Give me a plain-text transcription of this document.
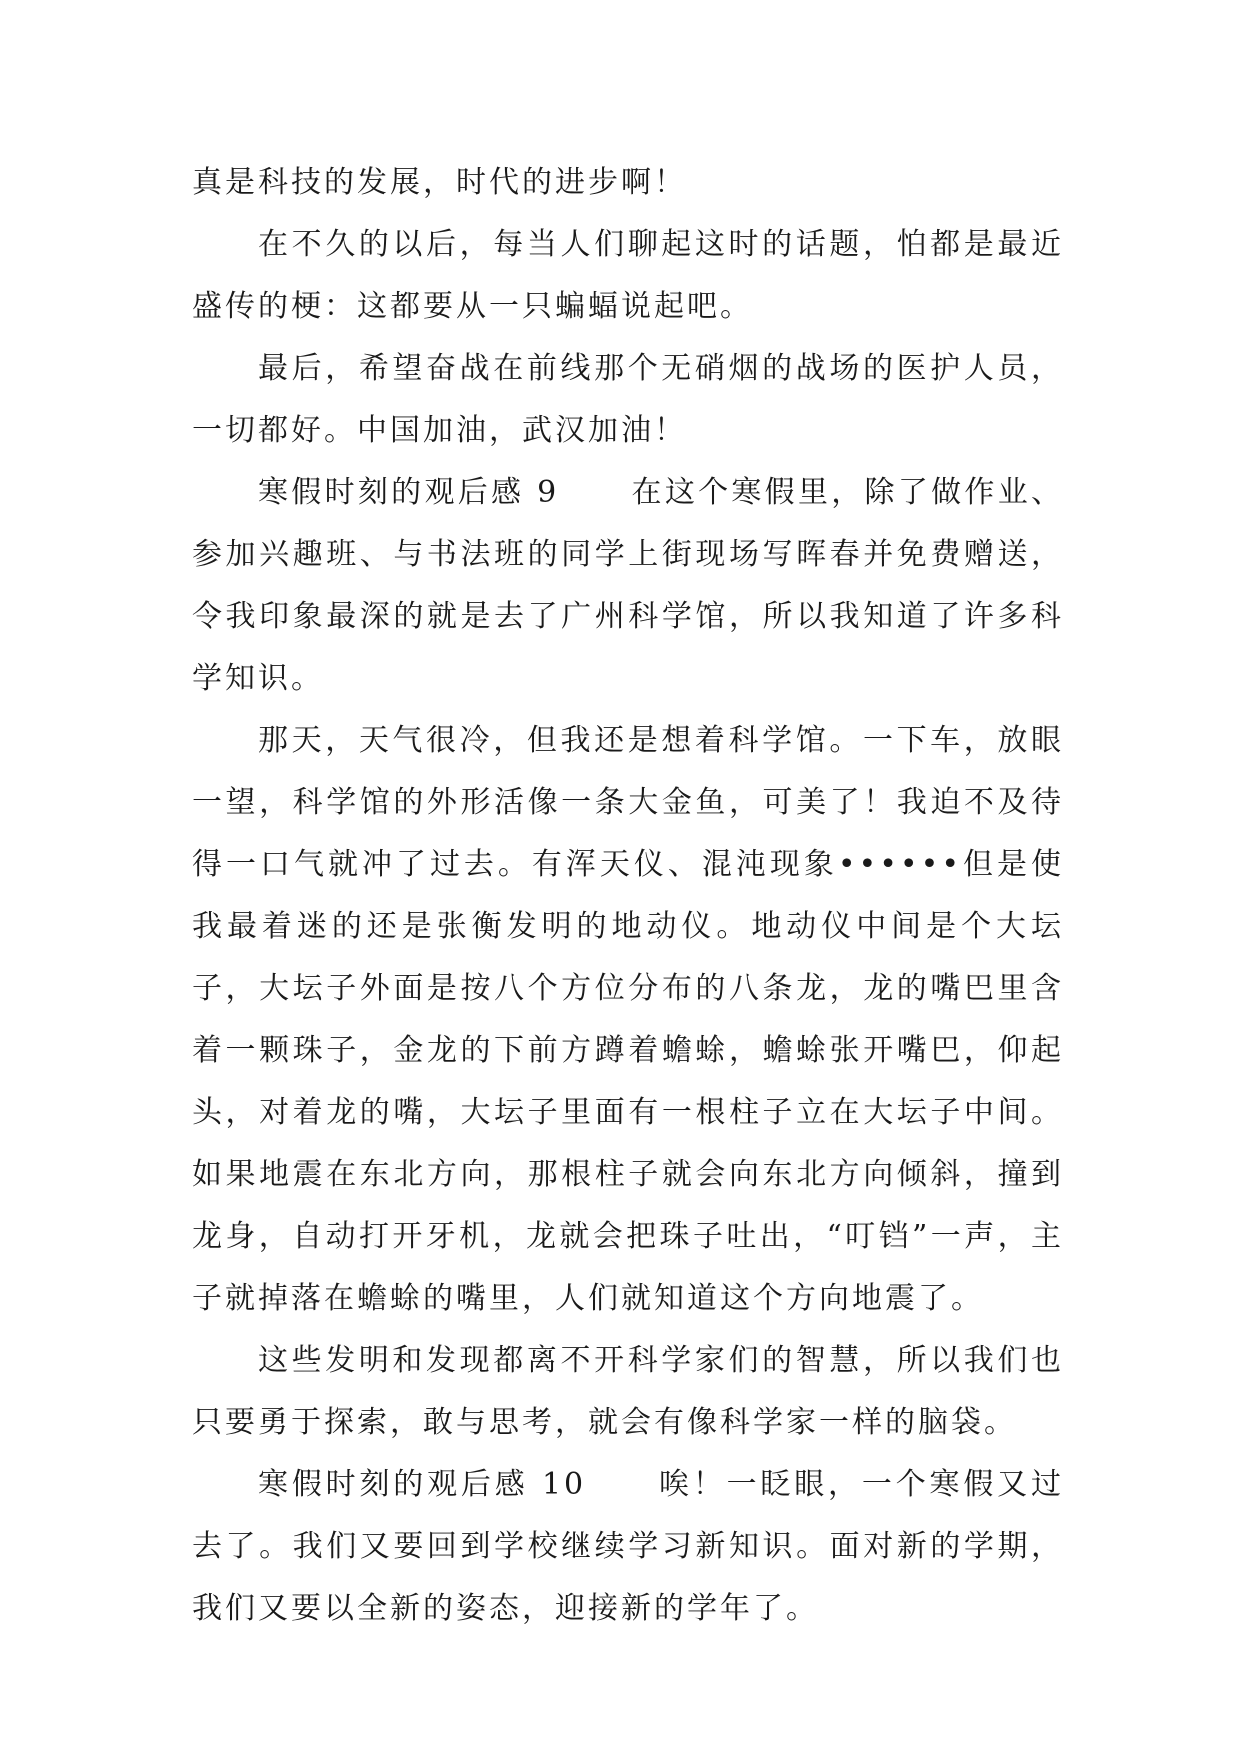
真是科技的发展，时代的进步啊！

在不久的以后，每当人们聊起这时的话题，怕都是最近盛传的梗：这都要从一只蝙蝠说起吧。

最后，希望奋战在前线那个无硝烟的战场的医护人员，一切都好。中国加油，武汉加油！

寒假时刻的观后感 9 在这个寒假里，除了做作业、参加兴趣班、与书法班的同学上街现场写晖春并免费赠送，令我印象最深的就是去了广州科学馆，所以我知道了许多科学知识。

那天，天气很冷，但我还是想着科学馆。一下车，放眼一望，科学馆的外形活像一条大金鱼，可美了！我迫不及待得一口气就冲了过去。有浑天仪、混沌现象••••••但是使我最着迷的还是张衡发明的地动仪。地动仪中间是个大坛子，大坛子外面是按八个方位分布的八条龙，龙的嘴巴里含着一颗珠子，金龙的下前方蹲着蟾蜍，蟾蜍张开嘴巴，仰起头，对着龙的嘴，大坛子里面有一根柱子立在大坛子中间。如果地震在东北方向，那根柱子就会向东北方向倾斜，撞到龙身，自动打开牙机，龙就会把珠子吐出，“叮铛”一声，主子就掉落在蟾蜍的嘴里，人们就知道这个方向地震了。

这些发明和发现都离不开科学家们的智慧，所以我们也只要勇于探索，敢与思考，就会有像科学家一样的脑袋。

寒假时刻的观后感 10 唉！一眨眼，一个寒假又过去了。我们又要回到学校继续学习新知识。面对新的学期，我们又要以全新的姿态，迎接新的学年了。
